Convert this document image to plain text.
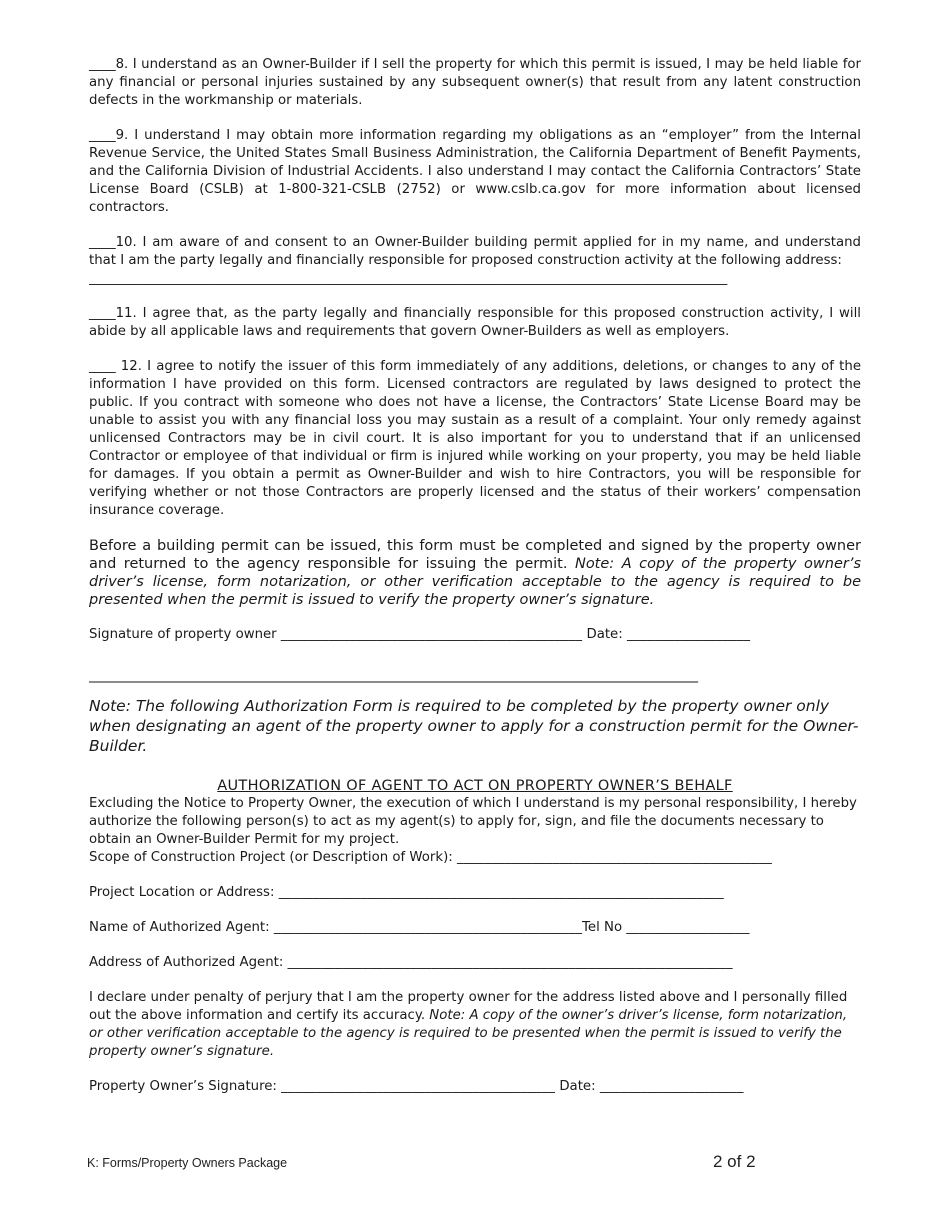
____8. I understand as an Owner-Builder if I sell the property for which this permit is issued, I may be held liable for any financial or personal injuries sustained by any subsequent owner(s) that result from any latent construction defects in the workmanship or materials.

____9. I understand I may obtain more information regarding my obligations as an “employer” from the Internal Revenue Service, the United States Small Business Administration, the California Department of Benefit Payments, and the California Division of Industrial Accidents. I also understand I may contact the California Contractors’ State License Board (CSLB) at 1-800-321-CSLB (2752) or www.cslb.ca.gov for more information about licensed contractors.

____10. I am aware of and consent to an Owner-Builder building permit applied for in my name, and understand that I am the party legally and financially responsible for proposed construction activity at the following address:

________________________________________________________________________________________________

____11. I agree that, as the party legally and financially responsible for this proposed construction activity, I will abide by all applicable laws and requirements that govern Owner-Builders as well as employers.

____ 12. I agree to notify the issuer of this form immediately of any additions, deletions, or changes to any of the information I have provided on this form. Licensed contractors are regulated by laws designed to protect the public. If you contract with someone who does not have a license, the Contractors’ State License Board may be unable to assist you with any financial loss you may sustain as a result of a complaint. Your only remedy against unlicensed Contractors may be in civil court. It is also important for you to understand that if an unlicensed Contractor or employee of that individual or firm is injured while working on your property, you may be held liable for damages. If you obtain a permit as Owner-Builder and wish to hire Contractors, you will be responsible for verifying whether or not those Contractors are properly licensed and the status of their workers’ compensation insurance coverage.

Before a building permit can be issued, this form must be completed and signed by the property owner and returned to the agency responsible for issuing the permit. Note: A copy of the property owner’s driver’s license, form notarization, or other verification acceptable to the agency is required to be presented when the permit is issued to verify the property owner’s signature.

Signature of property owner ____________________________________________ Date: __________________

____________________________________________________________________________________

Note: The following Authorization Form is required to be completed by the property owner only when designating an agent of the property owner to apply for a construction permit for the Owner-Builder.

AUTHORIZATION OF AGENT TO ACT ON PROPERTY OWNER’S BEHALF

Excluding the Notice to Property Owner, the execution of which I understand is my personal responsibility, I hereby authorize the following person(s) to act as my agent(s) to apply for, sign, and file the documents necessary to obtain an Owner-Builder Permit for my project.

Scope of Construction Project (or Description of Work): ______________________________________________

Project Location or Address: _________________________________________________________________

Name of Authorized Agent: _____________________________________________Tel No __________________

Address of Authorized Agent: _________________________________________________________________

I declare under penalty of perjury that I am the property owner for the address listed above and I personally filled out the above information and certify its accuracy. Note: A copy of the owner’s driver’s license, form notarization, or other verification acceptable to the agency is required to be presented when the permit is issued to verify the property owner’s signature.

Property Owner’s Signature: ________________________________________ Date: _____________________

K: Forms/Property Owners Package	2 of 2
